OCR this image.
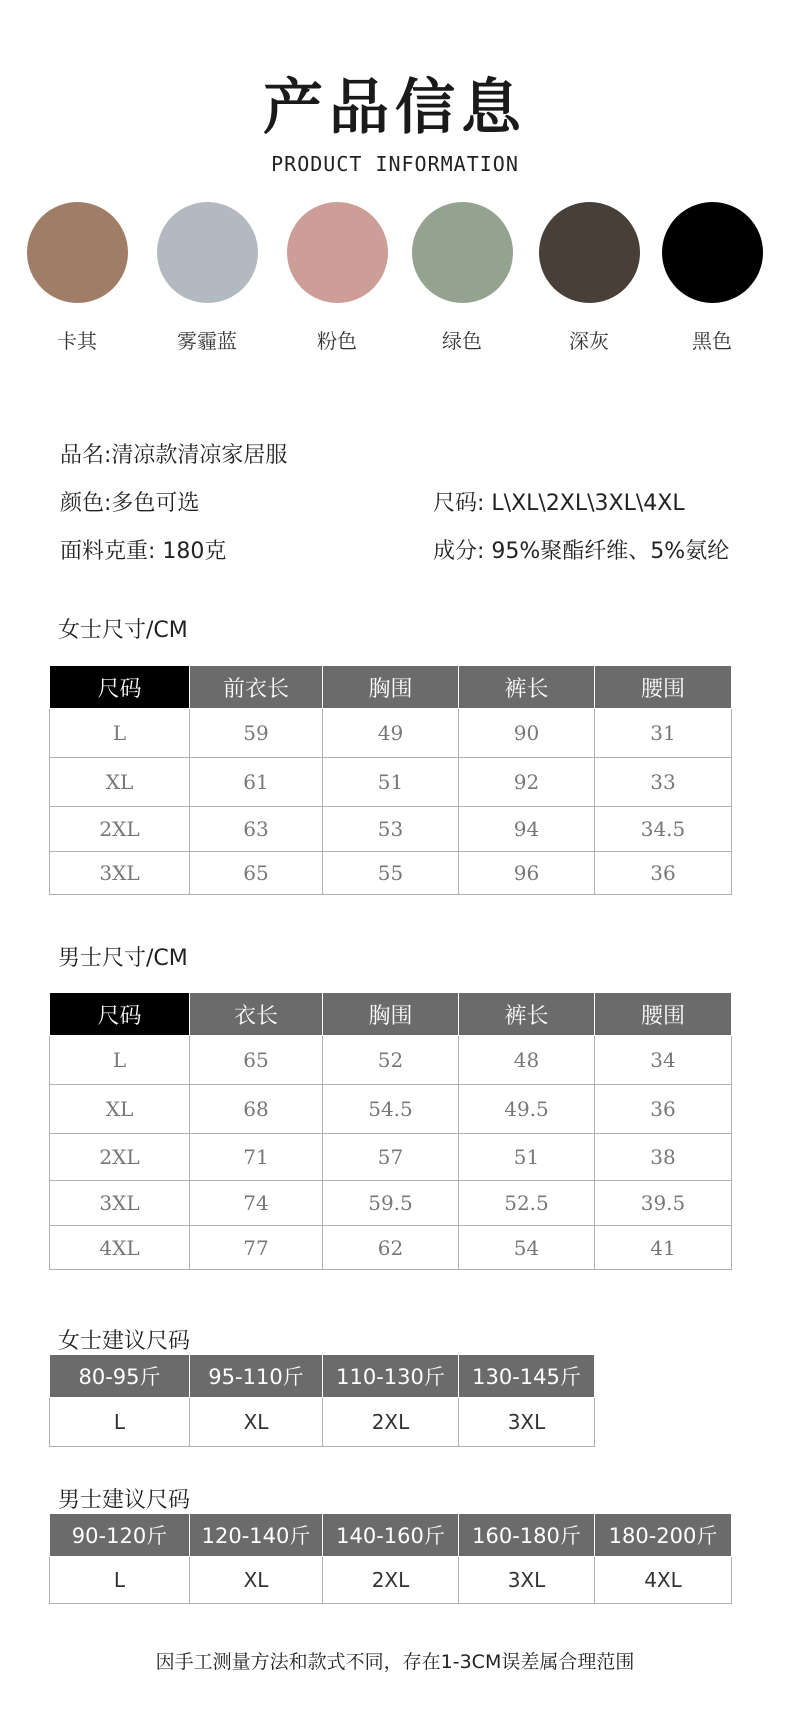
产品信息
PRODUCT INFORMATION
卡其	雾霾蓝	粉色	绿色	深灰	黑色
品名:清凉款清凉家居服
颜色:多色可选	尺码: L\XL\2XL\3XL\4XL
面料克重: 180克	成分: 95%聚酯纤维、5%氨纶
女士尺寸/CM
尺码	前衣长	胸围	裤长	腰围
L	59	49	90	31
XL	61	51	92	33
2XL	63	53	94	34.5
3XL	65	55	96	36
男士尺寸/CM
尺码	衣长	胸围	裤长	腰围
L	65	52	48	34
XL	68	54.5	49.5	36
2XL	71	57	51	38
3XL	74	59.5	52.5	39.5
4XL	77	62	54	41
女士建议尺码
80-95斤	95-110斤	110-130斤	130-145斤
L	XL	2XL	3XL
男士建议尺码
90-120斤	120-140斤	140-160斤	160-180斤	180-200斤
L	XL	2XL	3XL	4XL
因手工测量方法和款式不同，存在1-3CM误差属合理范围
